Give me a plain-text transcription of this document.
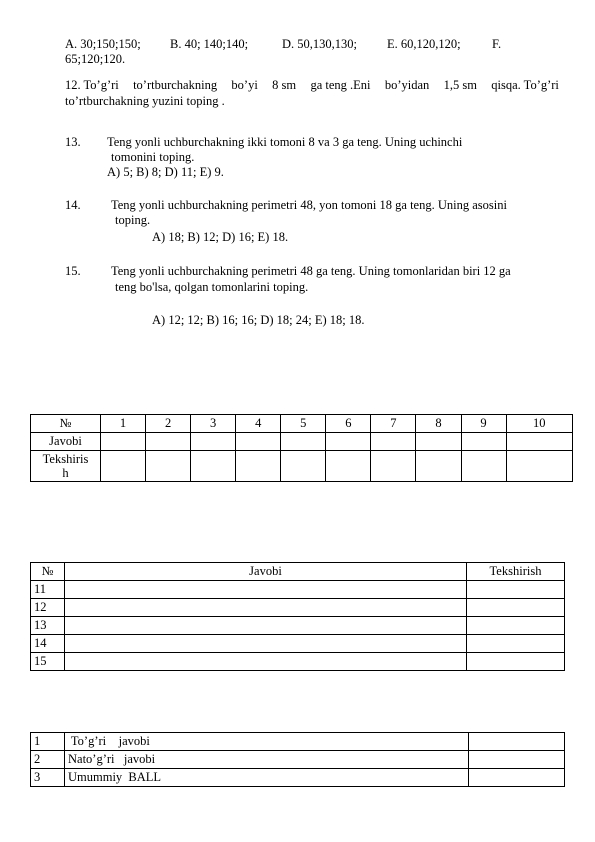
A. 30;150;150; B. 40; 140;140;	D. 50,130,130; E. 60,120,120;	F.
65;120;120.
12. To’g’ri to’rtburchakning bo’yi 8 sm ga teng .Eni bo’yidan 1,5 sm qisqa. To’g’ri
to’rtburchakning yuzini toping .
13. Teng yonli uchburchakning ikki tomoni 8 va 3 ga teng. Uning uchinchi
tomonini toping.
A) 5; B) 8; D) 11; E) 9.
14. Teng yonli uchburchakning perimetri 48, yon tomoni 18 ga teng. Uning asosini
toping.
A) 18; B) 12; D) 16; E) 18.
15. Teng yonli uchburchakning perimetri 48 ga teng. Uning tomonlaridan biri 12 ga
teng bo'lsa, qolgan tomonlarini toping.
A) 12; 12; B) 16; 16; D) 18; 24; E) 18; 18.
№	1	2	3	4	5	6	7	8	9	10
Javobi										
Tekshiris
h										
№	Javobi	Tekshirish
11		
12		
13		
14		
15		
1	To’g’ri    javobi	
2	Nato’g’ri   javobi	
3	Umummiy  BALL	
